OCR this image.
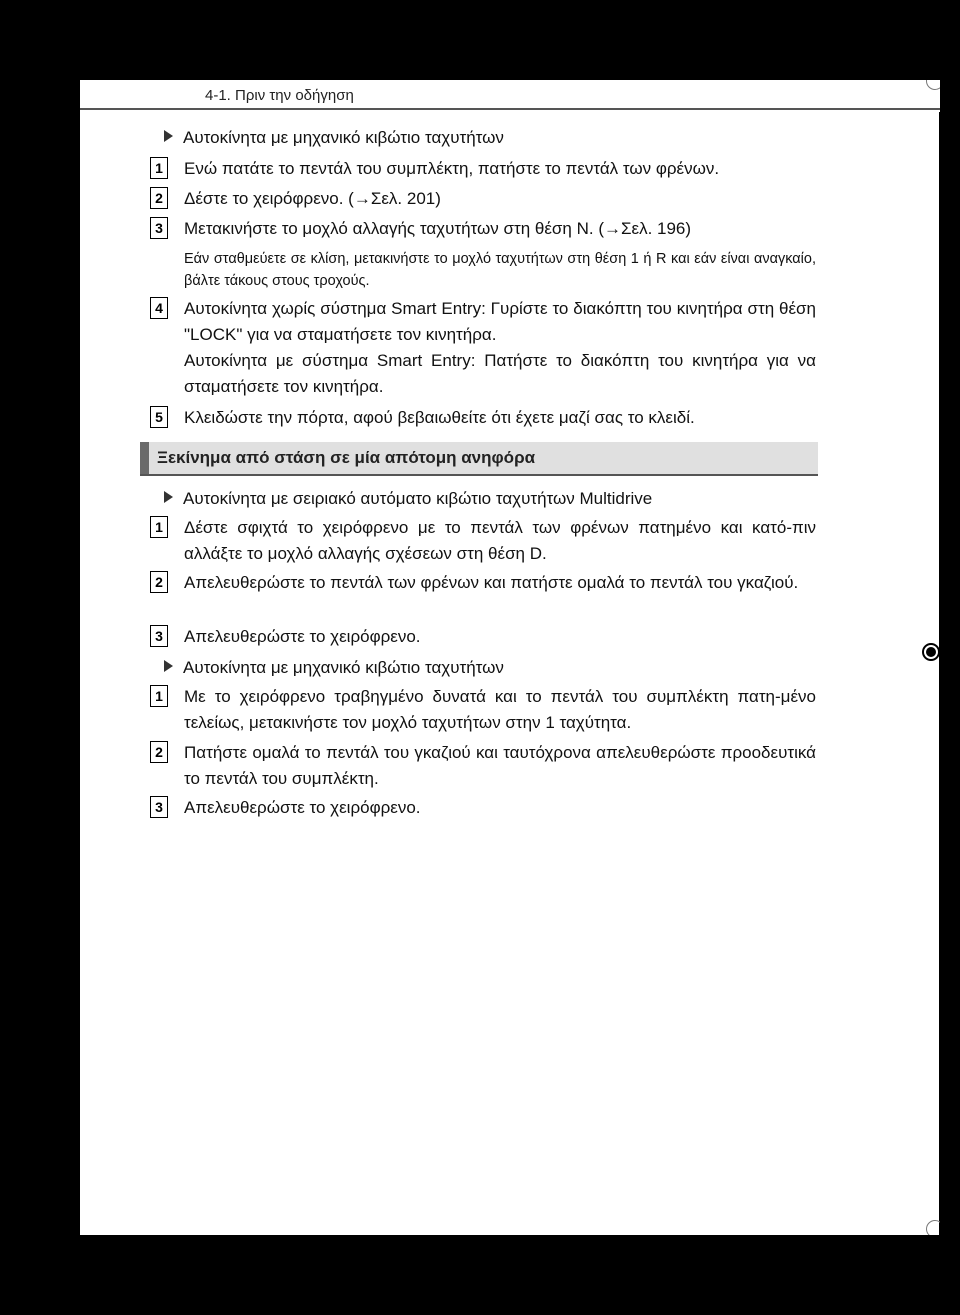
4-1. Πριν την οδήγηση
Αυτοκίνητα με μηχανικό κιβώτιο ταχυτήτων
1	Ενώ πατάτε το πεντάλ του συμπλέκτη, πατήστε το πεντάλ των φρένων.
2	Δέστε το χειρόφρενο. (→Σελ. 201)
3	Μετακινήστε το μοχλό αλλαγής ταχυτήτων στη θέση N. (→Σελ. 196)
Εάν σταθμεύετε σε κλίση, μετακινήστε το μοχλό ταχυτήτων στη θέση 1 ή R και εάν είναι αναγκαίο, βάλτε τάκους στους τροχούς.
4	Αυτοκίνητα χωρίς σύστημα Smart Entry: Γυρίστε το διακόπτη του κινητήρα στη θέση "LOCK" για να σταματήσετε τον κινητήρα.
Αυτοκίνητα με σύστημα Smart Entry: Πατήστε το διακόπτη του κινητήρα για να σταματήσετε τον κινητήρα.
5	Κλειδώστε την πόρτα, αφού βεβαιωθείτε ότι έχετε μαζί σας το κλειδί.
Ξεκίνημα από στάση σε μία απότομη ανηφόρα
Αυτοκίνητα με σειριακό αυτόματο κιβώτιο ταχυτήτων Multidrive
1	Δέστε σφιχτά το χειρόφρενο με το πεντάλ των φρένων πατημένο και κατό-πιν αλλάξτε το μοχλό αλλαγής σχέσεων στη θέση D.
2	Απελευθερώστε το πεντάλ των φρένων και πατήστε ομαλά το πεντάλ του γκαζιού.
3	Απελευθερώστε το χειρόφρενο.
Αυτοκίνητα με μηχανικό κιβώτιο ταχυτήτων
1	Με το χειρόφρενο τραβηγμένο δυνατά και το πεντάλ του συμπλέκτη πατη-μένο τελείως, μετακινήστε τον μοχλό ταχυτήτων στην 1 ταχύτητα.
2	Πατήστε ομαλά το πεντάλ του γκαζιού και ταυτόχρονα απελευθερώστε προοδευτικά το πεντάλ του συμπλέκτη.
3	Απελευθερώστε το χειρόφρενο.
